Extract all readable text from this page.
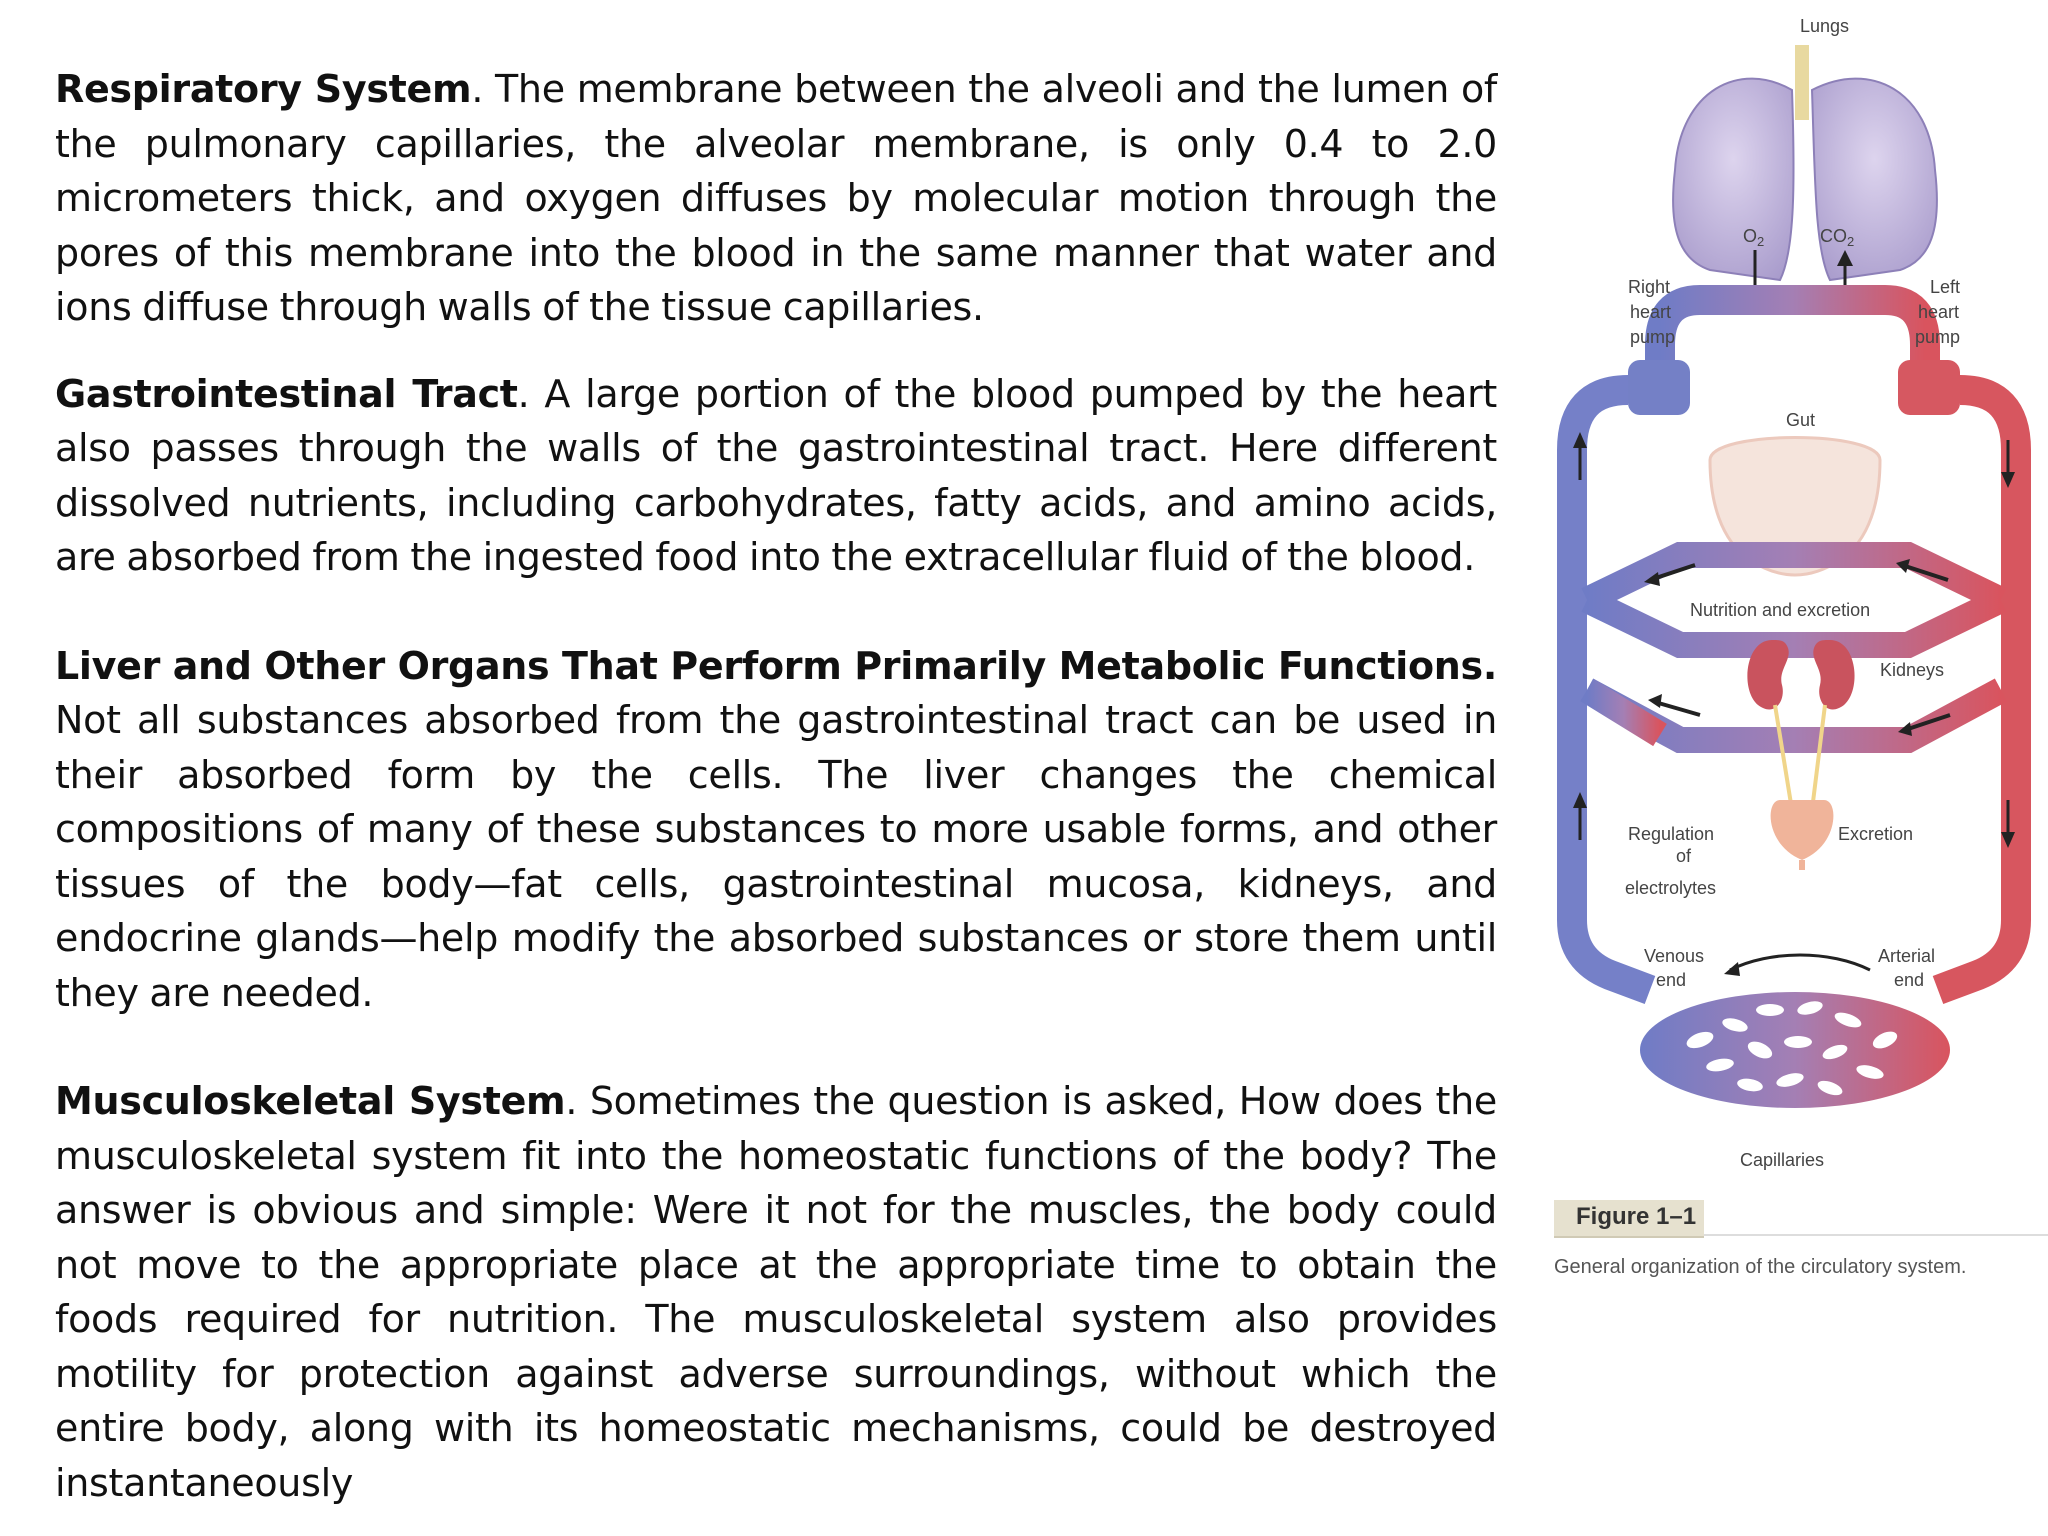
Respiratory System. The membrane between the alveoli and the lumen of the pulmonary capillaries, the alveolar membrane, is only 0.4 to 2.0 micrometers thick, and oxygen diffuses by molecular motion through the pores of this membrane into the blood in the same manner that water and ions diffuse through walls of the tissue capillaries.

Gastrointestinal Tract. A large portion of the blood pumped by the heart also passes through the walls of the gastrointestinal tract. Here different dissolved nutrients, including carbohydrates, fatty acids, and amino acids, are absorbed from the ingested food into the extracellular fluid of the blood.

Liver and Other Organs That Perform Primarily Metabolic Functions. Not all substances absorbed from the gastrointestinal tract can be used in their absorbed form by the cells. The liver changes the chemical compositions of many of these substances to more usable forms, and other tissues of the body—fat cells, gastrointestinal mucosa, kidneys, and endocrine glands—help modify the absorbed substances or store them until they are needed.

Musculoskeletal System. Sometimes the question is asked, How does the musculoskeletal system fit into the homeostatic functions of the body? The answer is obvious and simple: Were it not for the muscles, the body could not move to the appropriate place at the appropriate time to obtain the foods required for nutrition. The musculoskeletal system also provides motility for protection against adverse surroundings, without which the entire body, along with its homeostatic mechanisms, could be destroyed instantaneously

Lungs
$O_2$	$CO_2$
Right
heart
pump
Left
heart
pump
Gut
Nutrition and excretion
Kidneys
Regulation
of
electrolytes
Excretion
Venous
end
Arterial
end
Capillaries
Figure 1–1
General organization of the circulatory system.
